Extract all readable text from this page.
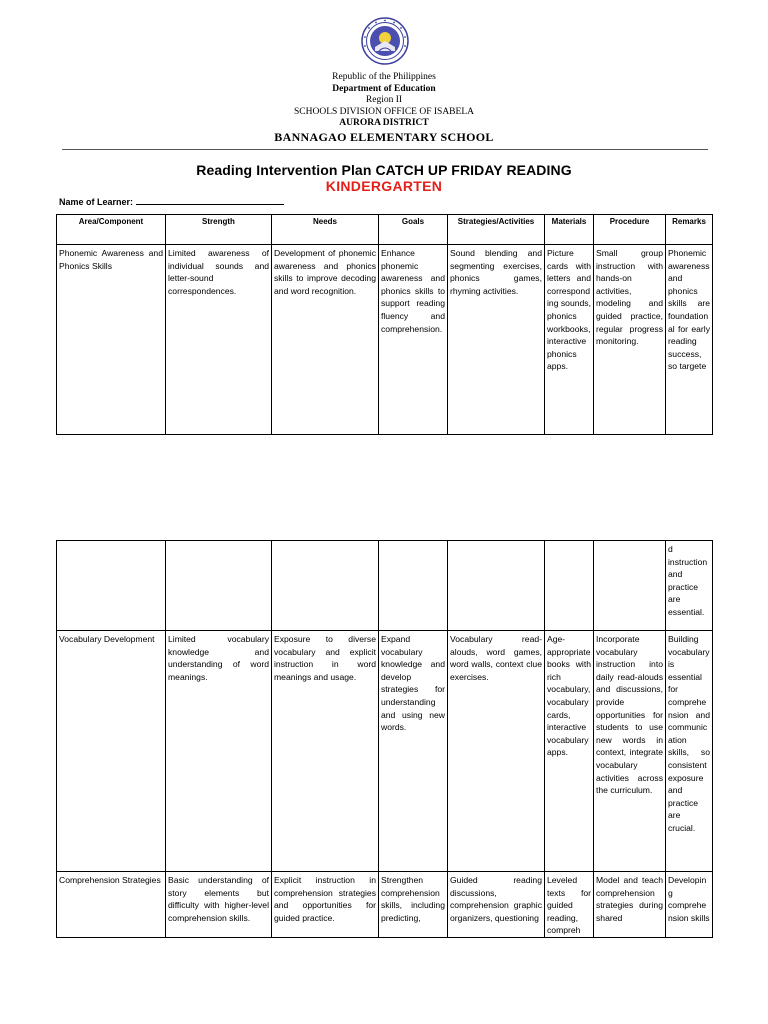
Republic of the Philippines
Department of Education
Region II
SCHOOLS DIVISION OFFICE OF ISABELA
AURORA DISTRICT
BANNAGAO ELEMENTARY SCHOOL
Reading Intervention Plan CATCH UP FRIDAY READING
KINDERGARTEN
Name of Learner:
Area/Component	Strength	Needs	Goals	Strategies/Activities	Materials	Procedure	Remarks
Phonemic Awareness and Phonics Skills	Limited awareness of individual sounds and letter-sound correspondences.	Development of phonemic awareness and phonics skills to improve decoding and word recognition.	Enhance phonemic awareness and phonics skills to support reading fluency and comprehension.	Sound blending and segmenting exercises, phonics games, rhyming activities.	Picture cards with letters and corresponding sounds, phonics workbooks, interactive phonics apps.	Small group instruction with hands-on activities, modeling and guided practice, regular progress monitoring.	Phonemic awareness and phonics skills are foundational for early reading success, so targete
							d instruction and practice are essential.
Vocabulary Development	Limited vocabulary knowledge and understanding of word meanings.	Exposure to diverse vocabulary and explicit instruction in word meanings and usage.	Expand vocabulary knowledge and develop strategies for understanding and using new words.	Vocabulary read-alouds, word games, word walls, context clue exercises.	Age-appropriate books with rich vocabulary, vocabulary cards, interactive vocabulary apps.	Incorporate vocabulary instruction into daily read-alouds and discussions, provide opportunities for students to use new words in context, integrate vocabulary activities across the curriculum.	Building vocabulary is essential for comprehension and communication skills, so consistent exposure and practice are crucial.
Comprehension Strategies	Basic understanding of story elements but difficulty with higher-level comprehension skills.	Explicit instruction in comprehension strategies and opportunities for guided practice.	Strengthen comprehension skills, including predicting,	Guided reading discussions, comprehension graphic organizers, questioning	Leveled texts for guided reading, compreh	Model and teach comprehension strategies during shared	Developing comprehension skills
